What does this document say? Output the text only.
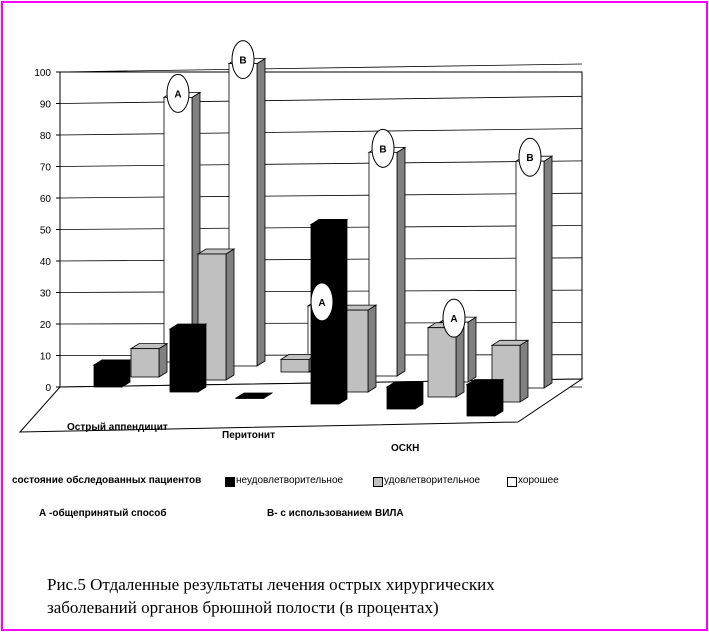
0
10
20
30
40
50
60
70
80
90
100
A
B
A
B
A
B
Острый аппендицит
Перитонит
ОСКН
состояние обследованных пациентов	неудовлетворительное	удовлетворительное	хорошее
А -общепринятый способ	В- с использованием ВИЛА
Рис.5 Отдаленные результаты лечения острых хирургических
заболеваний органов брюшной полости (в процентах)
